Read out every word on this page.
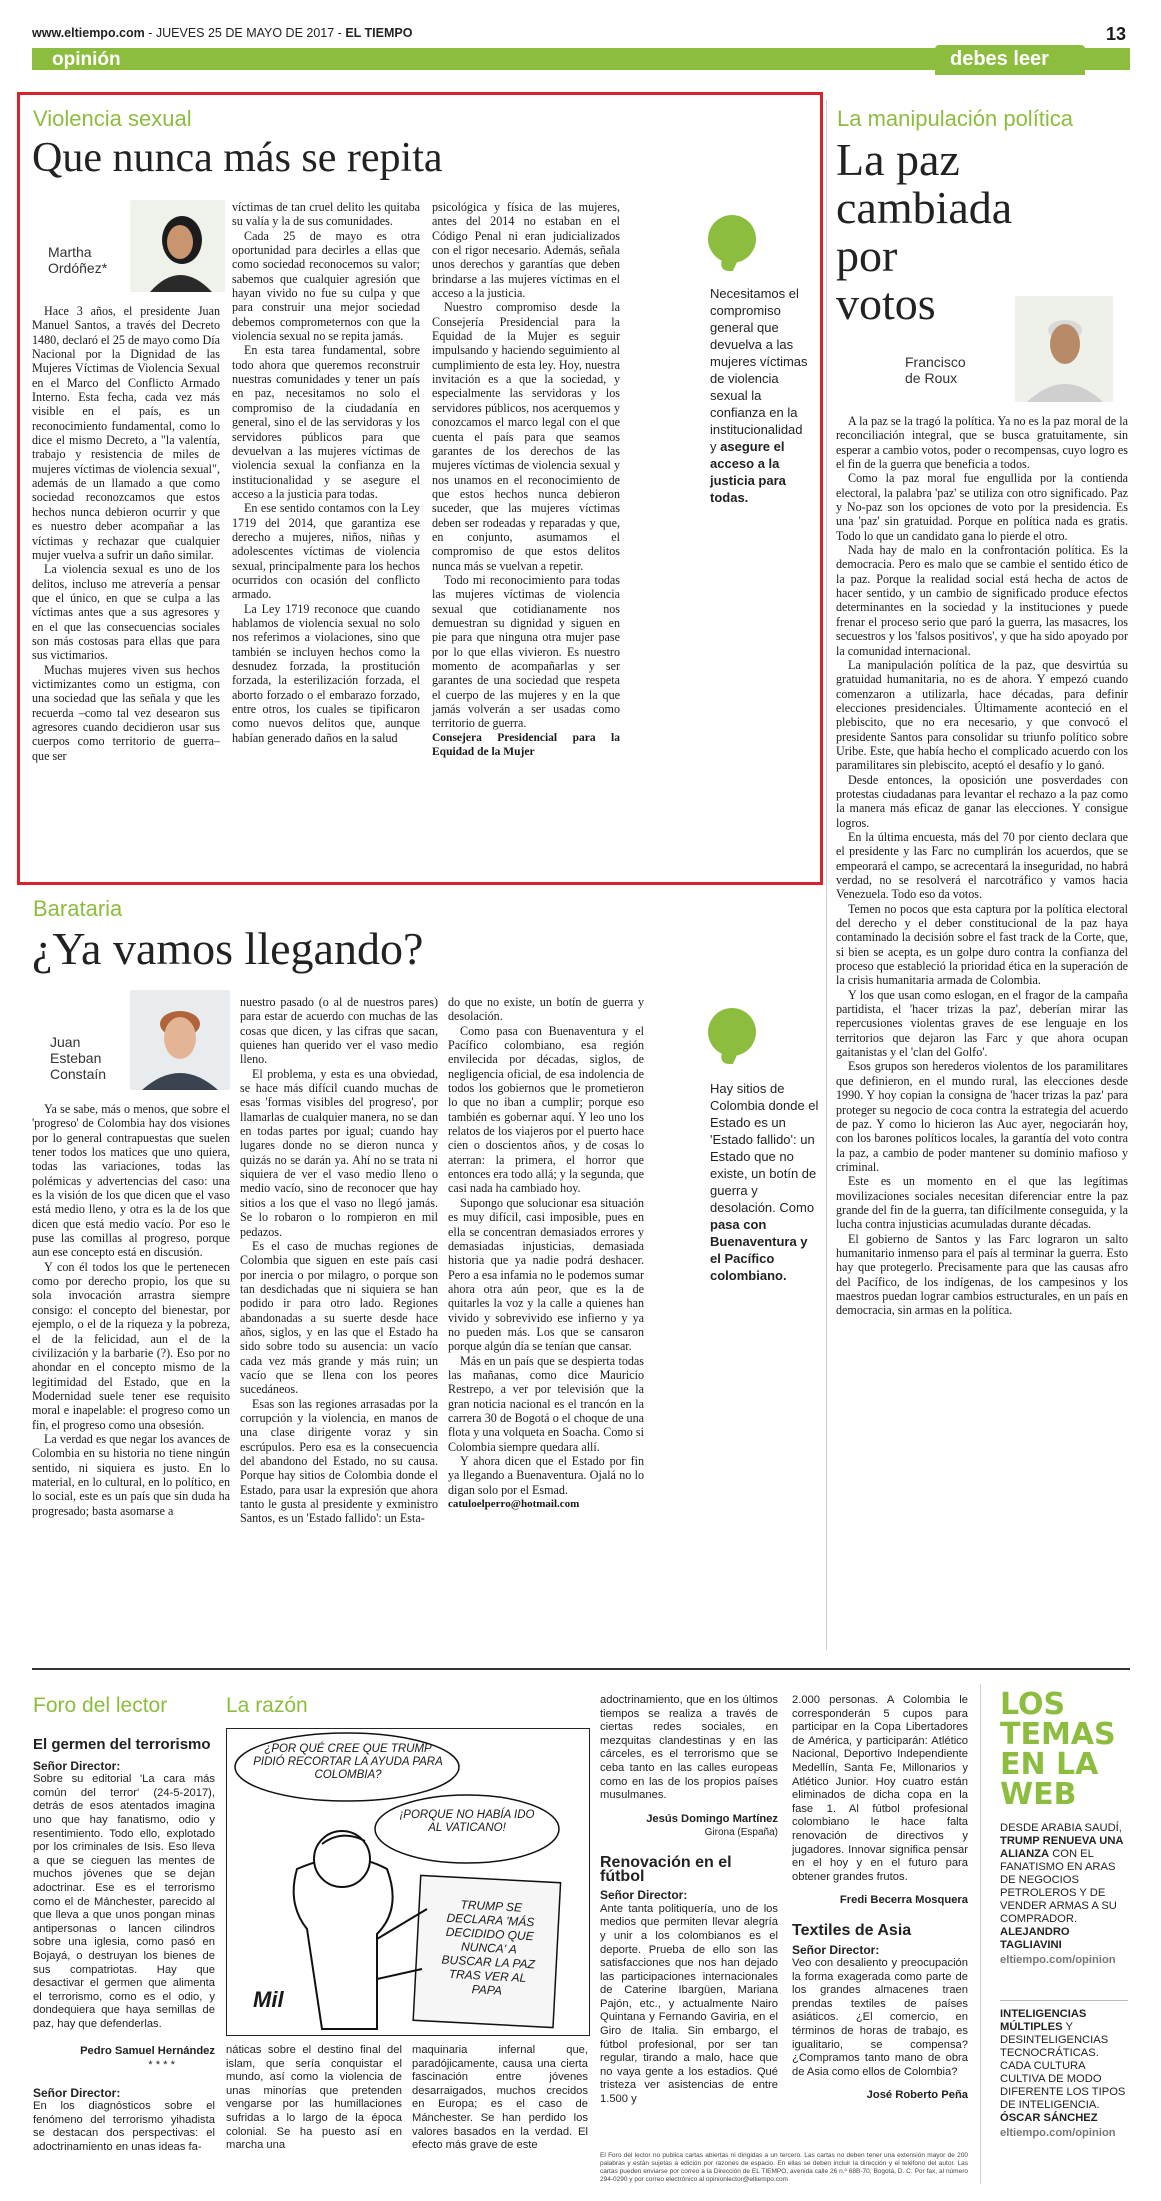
www.eltiempo.com - JUEVES 25 DE MAYO DE 2017 - EL TIEMPO	13
opinión	debes leer
Violencia sexual
Que nunca más se repita
Martha Ordóñez*

Hace 3 años, el presidente Juan Manuel Santos, a través del Decreto 1480, declaró el 25 de mayo como Día Nacional por la Dignidad de las Mujeres Víctimas de Violencia Sexual en el Marco del Conflicto Armado Interno. Esta fecha, cada vez más visible en el país, es un reconocimiento fundamental, como lo dice el mismo Decreto, a "la valentía, trabajo y resistencia de miles de mujeres víctimas de violencia sexual", además de un llamado a que como sociedad reconozcamos que estos hechos nunca debieron ocurrir y que es nuestro deber acompañar a las víctimas y rechazar que cualquier mujer vuelva a sufrir un daño similar.

La violencia sexual es uno de los delitos, incluso me atrevería a pensar que el único, en que se culpa a las víctimas antes que a sus agresores y en el que las consecuencias sociales son más costosas para ellas que para sus victimarios.

Muchas mujeres viven sus hechos victimizantes como un estigma, con una sociedad que las señala y que les recuerda –como tal vez desearon sus agresores cuando decidieron usar sus cuerpos como territorio de guerra– que ser

víctimas de tan cruel delito les quitaba su valía y la de sus comunidades.

Cada 25 de mayo es otra oportunidad para decirles a ellas que como sociedad reconocemos su valor; sabemos que cualquier agresión que hayan vivido no fue su culpa y que para construir una mejor sociedad debemos comprometernos con que la violencia sexual no se repita jamás.

En esta tarea fundamental, sobre todo ahora que queremos reconstruir nuestras comunidades y tener un país en paz, necesitamos no solo el compromiso de la ciudadanía en general, sino el de las servidoras y los servidores públicos para que devuelvan a las mujeres víctimas de violencia sexual la confianza en la institucionalidad y se asegure el acceso a la justicia para todas.

En ese sentido contamos con la Ley 1719 del 2014, que garantiza ese derecho a mujeres, niños, niñas y adolescentes víctimas de violencia sexual, principalmente para los hechos ocurridos con ocasión del conflicto armado.

La Ley 1719 reconoce que cuando hablamos de violencia sexual no solo nos referimos a violaciones, sino que también se incluyen hechos como la desnudez forzada, la prostitución forzada, la esterilización forzada, el aborto forzado o el embarazo forzado, entre otros, los cuales se tipificaron como nuevos delitos que, aunque habían generado daños en la salud

psicológica y física de las mujeres, antes del 2014 no estaban en el Código Penal ni eran judicializados con el rigor necesario. Además, señala unos derechos y garantías que deben brindarse a las mujeres víctimas en el acceso a la justicia.

Nuestro compromiso desde la Consejería Presidencial para la Equidad de la Mujer es seguir impulsando y haciendo seguimiento al cumplimiento de esta ley. Hoy, nuestra invitación es a que la sociedad, y especialmente las servidoras y los servidores públicos, nos acerquemos y conozcamos el marco legal con el que cuenta el país para que seamos garantes de los derechos de las mujeres víctimas de violencia sexual y nos unamos en el reconocimiento de que estos hechos nunca debieron suceder, que las mujeres víctimas deben ser rodeadas y reparadas y que, en conjunto, asumamos el compromiso de que estos delitos nunca más se vuelvan a repetir.

Todo mi reconocimiento para todas las mujeres víctimas de violencia sexual que cotidianamente nos demuestran su dignidad y siguen en pie para que ninguna otra mujer pase por lo que ellas vivieron. Es nuestro momento de acompañarlas y ser garantes de una sociedad que respeta el cuerpo de las mujeres y en la que jamás volverán a ser usadas como territorio de guerra.

Consejera Presidencial para la Equidad de la Mujer

Necesitamos el compromiso general que devuelva a las mujeres víctimas de violencia sexual la confianza en la institucionalidad y asegure el acceso a la justicia para todas.
La manipulación política
La paz cambiada por votos
Francisco de Roux

A la paz se la tragó la política. Ya no es la paz moral de la reconciliación integral, que se busca gratuitamente, sin esperar a cambio votos, poder o recompensas, cuyo logro es el fin de la guerra que beneficia a todos.

Como la paz moral fue engullida por la contienda electoral, la palabra 'paz' se utiliza con otro significado. Paz y No-paz son los opciones de voto por la presidencia. Es una 'paz' sin gratuidad. Porque en política nada es gratis. Todo lo que un candidato gana lo pierde el otro.

Nada hay de malo en la confrontación política. Es la democracia. Pero es malo que se cambie el sentido ético de la paz. Porque la realidad social está hecha de actos de hacer sentido, y un cambio de significado produce efectos determinantes en la sociedad y la instituciones y puede frenar el proceso serio que paró la guerra, las masacres, los secuestros y los 'falsos positivos', y que ha sido apoyado por la comunidad internacional.

La manipulación política de la paz, que desvirtúa su gratuidad humanitaria, no es de ahora. Y empezó cuando comenzaron a utilizarla, hace décadas, para definir elecciones presidenciales. Últimamente aconteció en el plebiscito, que no era necesario, y que convocó el presidente Santos para consolidar su triunfo político sobre Uribe. Este, que había hecho el complicado acuerdo con los paramilitares sin plebiscito, aceptó el desafío y lo ganó.

Desde entonces, la oposición une posverdades con protestas ciudadanas para levantar el rechazo a la paz como la manera más eficaz de ganar las elecciones. Y consigue logros.

En la última encuesta, más del 70 por ciento declara que el presidente y las Farc no cumplirán los acuerdos, que se empeorará el campo, se acrecentará la inseguridad, no habrá verdad, no se resolverá el narcotráfico y vamos hacia Venezuela. Todo eso da votos.

Temen no pocos que esta captura por la política electoral del derecho y el deber constitucional de la paz haya contaminado la decisión sobre el fast track de la Corte, que, si bien se acepta, es un golpe duro contra la confianza del proceso que estableció la prioridad ética en la superación de la crisis humanitaria armada de Colombia.

Y los que usan como eslogan, en el fragor de la campaña partidista, el 'hacer trizas la paz', deberían mirar las repercusiones violentas graves de ese lenguaje en los territorios que dejaron las Farc y que ahora ocupan gaitanistas y el 'clan del Golfo'.

Esos grupos son herederos violentos de los paramilitares que definieron, en el mundo rural, las elecciones desde 1990. Y hoy copian la consigna de 'hacer trizas la paz' para proteger su negocio de coca contra la estrategia del acuerdo de paz. Y como lo hicieron las Auc ayer, negociarán hoy, con los barones políticos locales, la garantía del voto contra la paz, a cambio de poder mantener su dominio mafioso y criminal.

Este es un momento en el que las legítimas movilizaciones sociales necesitan diferenciar entre la paz grande del fin de la guerra, tan difícilmente conseguida, y la lucha contra injusticias acumuladas durante décadas.

El gobierno de Santos y las Farc lograron un salto humanitario inmenso para el país al terminar la guerra. Esto hay que protegerlo. Precisamente para que las causas afro del Pacífico, de los indígenas, de los campesinos y los maestros puedan lograr cambios estructurales, en un país en democracia, sin armas en la política.

Barataria
¿Ya vamos llegando?
Juan Esteban Constaín

Ya se sabe, más o menos, que sobre el 'progreso' de Colombia hay dos visiones por lo general contrapuestas que suelen tener todos los matices que uno quiera, todas las variaciones, todas las polémicas y advertencias del caso: una es la visión de los que dicen que el vaso está medio lleno, y otra es la de los que dicen que está medio vacío. Por eso le puse las comillas al progreso, porque aun ese concepto está en discusión.

Y con él todos los que le pertenecen como por derecho propio, los que su sola invocación arrastra siempre consigo: el concepto del bienestar, por ejemplo, o el de la riqueza y la pobreza, el de la felicidad, aun el de la civilización y la barbarie (?). Eso por no ahondar en el concepto mismo de la legitimidad del Estado, que en la Modernidad suele tener ese requisito moral e inapelable: el progreso como un fin, el progreso como una obsesión.

La verdad es que negar los avances de Colombia en su historia no tiene ningún sentido, ni siquiera es justo. En lo material, en lo cultural, en lo político, en lo social, este es un país que sin duda ha progresado; basta asomarse a

nuestro pasado (o al de nuestros pares) para estar de acuerdo con muchas de las cosas que dicen, y las cifras que sacan, quienes han querido ver el vaso medio lleno.

El problema, y esta es una obviedad, se hace más difícil cuando muchas de esas 'formas visibles del progreso', por llamarlas de cualquier manera, no se dan en todas partes por igual; cuando hay lugares donde no se dieron nunca y quizás no se darán ya. Ahí no se trata ni siquiera de ver el vaso medio lleno o medio vacío, sino de reconocer que hay sitios a los que el vaso no llegó jamás. Se lo robaron o lo rompieron en mil pedazos.

Es el caso de muchas regiones de Colombia que siguen en este país casi por inercia o por milagro, o porque son tan desdichadas que ni siquiera se han podido ir para otro lado. Regiones abandonadas a su suerte desde hace años, siglos, y en las que el Estado ha sido sobre todo su ausencia: un vacío cada vez más grande y más ruin; un vacío que se llena con los peores sucedáneos.

Esas son las regiones arrasadas por la corrupción y la violencia, en manos de una clase dirigente voraz y sin escrúpulos. Pero esa es la consecuencia del abandono del Estado, no su causa. Porque hay sitios de Colombia donde el Estado, para usar la expresión que ahora tanto le gusta al presidente y exministro Santos, es un 'Estado fallido': un Esta-

do que no existe, un botín de guerra y desolación.

Como pasa con Buenaventura y el Pacífico colombiano, esa región envilecida por décadas, siglos, de negligencia oficial, de esa indolencia de todos los gobiernos que le prometieron lo que no iban a cumplir; porque eso también es gobernar aquí. Y leo uno los relatos de los viajeros por el puerto hace cien o doscientos años, y de cosas lo aterran: la primera, el horror que entonces era todo allá; y la segunda, que casi nada ha cambiado hoy.

Supongo que solucionar esa situación es muy difícil, casi imposible, pues en ella se concentran demasiados errores y demasiadas injusticias, demasiada historia que ya nadie podrá deshacer. Pero a esa infamia no le podemos sumar ahora otra aún peor, que es la de quitarles la voz y la calle a quienes han vivido y sobrevivido ese infierno y ya no pueden más. Los que se cansaron porque algún día se tenían que cansar.

Más en un país que se despierta todas las mañanas, como dice Mauricio Restrepo, a ver por televisión que la gran noticia nacional es el trancón en la carrera 30 de Bogotá o el choque de una flota y una volqueta en Soacha. Como si Colombia siempre quedara allí.

Y ahora dicen que el Estado por fin ya llegando a Buenaventura. Ojalá no lo digan solo por el Esmad.

catuloelperro@hotmail.com

Hay sitios de Colombia donde el Estado es un 'Estado fallido': un Estado que no existe, un botín de guerra y desolación. Como pasa con Buenaventura y el Pacífico colombiano.
Foro del lector

El germen del terrorismo

Señor Director:

Sobre su editorial 'La cara más común del terror' (24-5-2017), detrás de esos atentados imagina uno que hay fanatismo, odio y resentimiento. Todo ello, explotado por los criminales de Isis. Eso lleva a que se cieguen las mentes de muchos jóvenes que se dejan adoctrinar. Ese es el terrorismo como el de Mánchester, parecido al que lleva a que unos pongan minas antipersonas o lancen cilindros sobre una iglesia, como pasó en Bojayá, o destruyan los bienes de sus compatriotas. Hay que desactivar el germen que alimenta el terrorismo, como es el odio, y dondequiera que haya semillas de paz, hay que defenderlas.

Pedro Samuel Hernández

* * * *

Señor Director:

En los diagnósticos sobre el fenómeno del terrorismo yihadista se destacan dos perspectivas: el adoctrinamiento en unas ideas fa-

La razón
¿POR QUÉ CREE QUE TRUMP PIDIÓ RECORTAR LA AYUDA PARA COLOMBIA?
¡PORQUE NO HABÍA IDO AL VATICANO!
TRUMP SE DECLARA 'MÁS DECIDIDO QUE NUNCA' A BUSCAR LA PAZ TRAS VER AL PAPA
Mil
náticas sobre el destino final del islam, que sería conquistar el mundo, así como la violencia de unas minorías que pretenden vengarse por las humillaciones sufridas a lo largo de la época colonial. Se ha puesto así en marcha una
maquinaria infernal que, paradójicamente, causa una cierta fascinación entre jóvenes desarraigados, muchos crecidos en Europa; es el caso de Mánchester. Se han perdido los valores basados en la verdad. El efecto más grave de este

adoctrinamiento, que en los últimos tiempos se realiza a través de ciertas redes sociales, en mezquitas clandestinas y en las cárceles, es el terrorismo que se ceba tanto en las calles europeas como en las de los propios países musulmanes.

Jesús Domingo Martínez

Girona (España)

Renovación en el fútbol

Señor Director:

Ante tanta politiquería, uno de los medios que permiten llevar alegría y unir a los colombianos es el deporte. Prueba de ello son las satisfacciones que nos han dejado las participaciones internacionales de Caterine Ibargüen, Mariana Pajón, etc., y actualmente Nairo Quintana y Fernando Gaviria, en el Giro de Italia. Sin embargo, el fútbol profesional, por ser tan regular, tirando a malo, hace que no vaya gente a los estadios. Qué tristeza ver asistencias de entre 1.500 y

2.000 personas. A Colombia le corresponderán 5 cupos para participar en la Copa Libertadores de América, y participarán: Atlético Nacional, Deportivo Independiente Medellín, Santa Fe, Millonarios y Atlético Junior. Hoy cuatro están eliminados de dicha copa en la fase 1. Al fútbol profesional colombiano le hace falta renovación de directivos y jugadores. Innovar significa pensar en el hoy y en el futuro para obtener grandes frutos.

Fredi Becerra Mosquera

Textiles de Asia

Señor Director:

Veo con desaliento y preocupación la forma exagerada como parte de los grandes almacenes traen prendas textiles de países asiáticos. ¿El comercio, en términos de horas de trabajo, es igualitario, se compensa? ¿Compramos tanto mano de obra de Asia como ellos de Colombia?

José Roberto Peña

El Foro del lector no publica cartas abiertas ni dirigidas a un tercero. Las cartas no deben tener una extensión mayor de 200 palabras y están sujetas a edición por razones de espacio. En ellas se deben incluir la dirección y el teléfono del autor. Las cartas pueden enviarse por correo a la Dirección de EL TIEMPO, avenida calle 26 n.º 68B-70, Bogotá, D. C. Por fax, al número 294-0290 y por correo electrónico al opinionlector@eltiempo.com
LOS TEMAS EN LA WEB
DESDE ARABIA SAUDÍ, TRUMP RENUEVA UNA ALIANZA CON EL FANATISMO EN ARAS DE NEGOCIOS PETROLEROS Y DE VENDER ARMAS A SU COMPRADOR. ALEJANDRO TAGLIAVINI
eltiempo.com/opinion
INTELIGENCIAS MÚLTIPLES Y DESINTELIGENCIAS TECNOCRÁTICAS. CADA CULTURA CULTIVA DE MODO DIFERENTE LOS TIPOS DE INTELIGENCIA. ÓSCAR SÁNCHEZ
eltiempo.com/opinion
